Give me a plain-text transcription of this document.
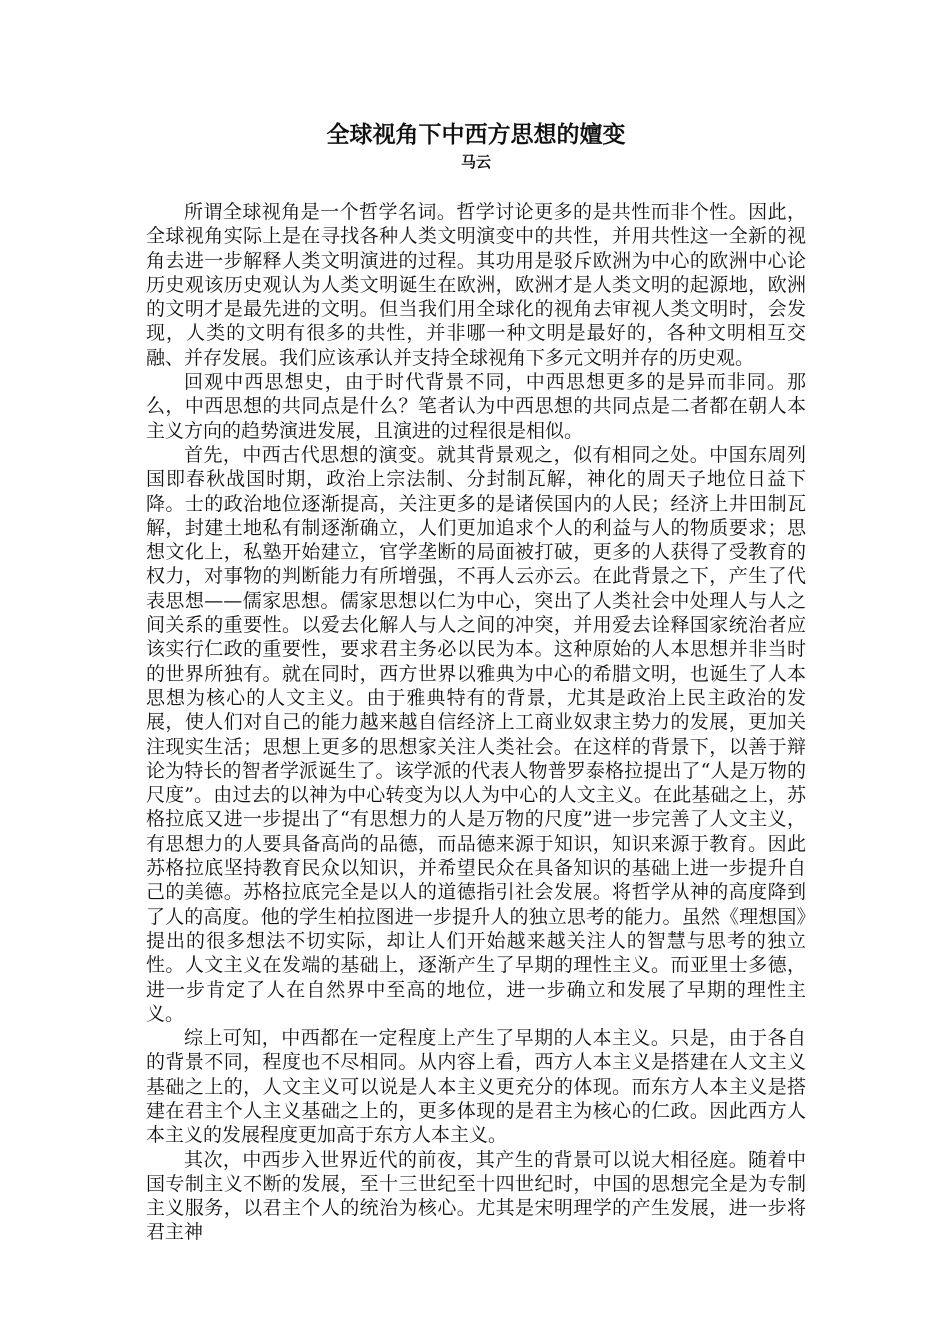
全球视角下中西方思想的嬗变
马云

所谓全球视角是一个哲学名词。哲学讨论更多的是共性而非个性。因此，全球视角实际上是在寻找各种人类文明演变中的共性，并用共性这一全新的视角去进一步解释人类文明演进的过程。其功用是驳斥欧洲为中心的欧洲中心论历史观该历史观认为人类文明诞生在欧洲，欧洲才是人类文明的起源地，欧洲的文明才是最先进的文明。但当我们用全球化的视角去审视人类文明时，会发现，人类的文明有很多的共性，并非哪一种文明是最好的，各种文明相互交融、并存发展。我们应该承认并支持全球视角下多元文明并存的历史观。

回观中西思想史，由于时代背景不同，中西思想更多的是异而非同。那么，中西思想的共同点是什么？笔者认为中西思想的共同点是二者都在朝人本主义方向的趋势演进发展，且演进的过程很是相似。

首先，中西古代思想的演变。就其背景观之，似有相同之处。中国东周列国即春秋战国时期，政治上宗法制、分封制瓦解，神化的周天子地位日益下降。士的政治地位逐渐提高，关注更多的是诸侯国内的人民；经济上井田制瓦解，封建土地私有制逐渐确立，人们更加追求个人的利益与人的物质要求；思想文化上，私塾开始建立，官学垄断的局面被打破，更多的人获得了受教育的权力，对事物的判断能力有所增强，不再人云亦云。在此背景之下，产生了代表思想——儒家思想。儒家思想以仁为中心，突出了人类社会中处理人与人之间关系的重要性。以爱去化解人与人之间的冲突，并用爱去诠释国家统治者应该实行仁政的重要性，要求君主务必以民为本。这种原始的人本思想并非当时的世界所独有。就在同时，西方世界以雅典为中心的希腊文明，也诞生了人本思想为核心的人文主义。由于雅典特有的背景，尤其是政治上民主政治的发展，使人们对自己的能力越来越自信经济上工商业奴隶主势力的发展，更加关注现实生活；思想上更多的思想家关注人类社会。在这样的背景下，以善于辩论为特长的智者学派诞生了。该学派的代表人物普罗泰格拉提出了“人是万物的尺度”。由过去的以神为中心转变为以人为中心的人文主义。在此基础之上，苏格拉底又进一步提出了“有思想力的人是万物的尺度”进一步完善了人文主义，有思想力的人要具备高尚的品德，而品德来源于知识，知识来源于教育。因此苏格拉底坚持教育民众以知识，并希望民众在具备知识的基础上进一步提升自己的美德。苏格拉底完全是以人的道德指引社会发展。将哲学从神的高度降到了人的高度。他的学生柏拉图进一步提升人的独立思考的能力。虽然《理想国》提出的很多想法不切实际，却让人们开始越来越关注人的智慧与思考的独立性。人文主义在发端的基础上，逐渐产生了早期的理性主义。而亚里士多德，进一步肯定了人在自然界中至高的地位，进一步确立和发展了早期的理性主义。

综上可知，中西都在一定程度上产生了早期的人本主义。只是，由于各自的背景不同，程度也不尽相同。从内容上看，西方人本主义是搭建在人文主义基础之上的，人文主义可以说是人本主义更充分的体现。而东方人本主义是搭建在君主个人主义基础之上的，更多体现的是君主为核心的仁政。因此西方人本主义的发展程度更加高于东方人本主义。

其次，中西步入世界近代的前夜，其产生的背景可以说大相径庭。随着中国专制主义不断的发展，至十三世纪至十四世纪时，中国的思想完全是为专制主义服务，以君主个人的统治为核心。尤其是宋明理学的产生发展，进一步将君主神
